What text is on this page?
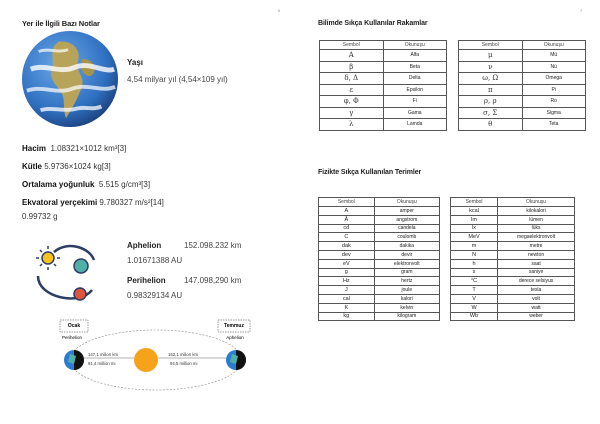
6	7
Yer ile İlgili Bazı Notlar
Yaşı
4,54 milyar yıl (4,54×109 yıl)
Hacim 1.08321×1012 km³[3]
Kütle 5.9736×1024 kg[3]
Ortalama yoğunluk 5.515 g/cm³[3]
Ekvatoral yerçekimi 9.780327 m/s²[14]
0.99732 g
Aphelion	152.098.232 km
1.01671388 AU
Perihelion 147.098,290 km
0.98329134 AU
Ocak
Perihelion
Temmuz
Aphelion
147,1 milion km
91,4 million mi
152,1 milion km
94,5 million mi
Bilimde Sıkça Kullanılar Rakamlar
Sembol	Okunuşu
Α	Alfa
β	Beta
δ, Δ	Delta
ε	Epsilon
φ, Φ	Fi
γ	Gama
λ	Lamda
Sembol	Okunuşu
μ	Mü
ν	Nü
ω, Ω	Omega
π	Pi
ρ, ρ	Ro
σ, Σ	Sigma
θ	Teta
Fizikte Sıkça Kullanılan Terimler
Sembol	Okunuşu
A	amper
Å	angstrom
cd	candela
C	coulomb
dak	dakika
dev	devir
eV	elektronvolt
g	gram
Hz	hertz
J	joule
cal	kalori
K	kelvin
kg	kilogram
Sembol	Okunuşu
kcal	kilokalori
lm	lümen
lx	lüks
MeV	megaelektronvolt
m	metre
N	newton
h	saat
s	saniye
°C	derece selsiyus
T	tesla
V	volt
W	watt
Wb	weber
